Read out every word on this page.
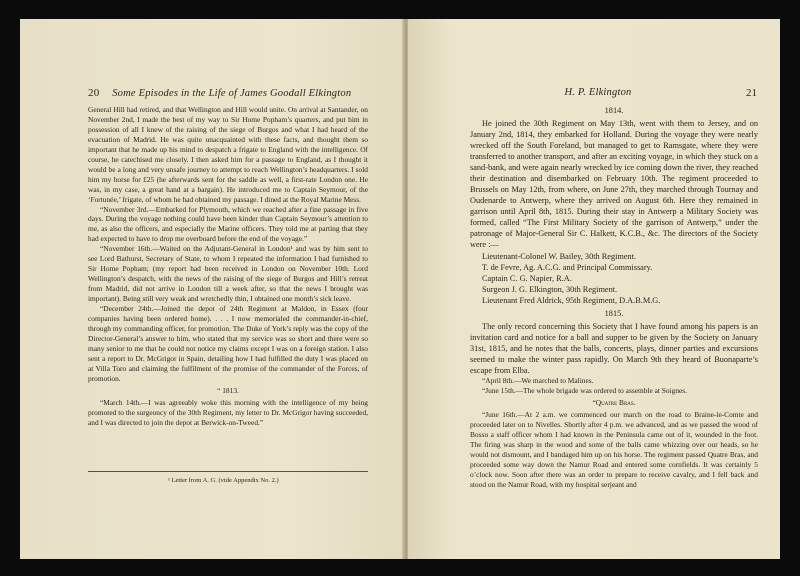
20 Some Episodes in the Life of James Goodall Elkington

General Hill had retired, and that Wellington and Hill would unite. On arrival at Santander, on November 2nd, I made the best of my way to Sir Home Popham’s quarters, and put him in possession of all I knew of the raising of the siege of Burgos and what I had heard of the evacuation of Madrid. He was quite unacquainted with these facts, and thought them so important that he made up his mind to despatch a frigate to England with the intelligence. Of course, he catechised me closely. I then asked him for a passage to England, as I thought it would be a long and very unsafe journey to attempt to reach Wellington’s headquarters. I sold him my horse for £25 (he afterwards sent for the saddle as well, a first-rate London one. He was, in my case, a great hand at a bargain). He introduced me to Captain Seymour, of the ‘Fortunée,’ frigate, of whom he had obtained my passage. I dined at the Royal Marine Mess.

“November 3rd.—Embarked for Plymouth, which we reached after a fine passage in five days. During the voyage nothing could have been kinder than Captain Seymour’s attention to me, as also the officers, and especially the Marine officers. They told me at parting that they had expected to have to drop me overboard before the end of the voyage.”

“November 16th.—Waited on the Adjutant-General in London¹ and was by him sent to see Lord Bathurst, Secretary of State, to whom I repeated the information I had furnished to Sir Home Popham; (my report had been received in London on November 10th. Lord Wellington’s despatch, with the news of the raising of the siege of Burgos and Hill’s retreat from Madrid, did not arrive in London till a week after, so that the news I brought was important). Being still very weak and wretchedly thin, I obtained one month’s sick leave.

“December 24th.—Joined the depot of 24th Regiment at Maldon, in Essex (four companies having been ordered home). . . . I now memorialed the commander-in-chief, through my commanding officer, for promotion. The Duke of York’s reply was the copy of the Director-General’s answer to him, who stated that my service was so short and there were so many senior to me that he could not notice my claims except I was on a foreign station. I also sent a report to Dr. McGrigor in Spain, detailing how I had fulfilled the duty I was placed on at Villa Toro and claiming the fulfilment of the promise of the commander of the Forces, of promotion.

“ 1813.

“March 14th.—I was agreeably woke this morning with the intelligence of my being promoted to the surgeoncy of the 30th Regiment, my letter to Dr. McGrigor having succeeded, and I was directed to join the depot at Berwick-on-Tweed.”

¹ Letter from A. G. (vide Appendix No. 2.)
H. P. Elkington	21
1814.

He joined the 30th Regiment on May 13th, went with them to Jersey, and on January 2nd, 1814, they embarked for Holland. During the voyage they were nearly wrecked off the South Foreland, but managed to get to Ramsgate, where they were transferred to another transport, and after an exciting voyage, in which they stuck on a sand-bank, and were again nearly wrecked by ice coming down the river, they reached their destination and disembarked on February 10th. The regiment proceeded to Brussels on May 12th, from where, on June 27th, they marched through Tournay and Oudenarde to Antwerp, where they arrived on August 6th. Here they remained in garrison until April 8th, 1815. During their stay in Antwerp a Military Society was formed, called “The First Military Society of the garrison of Antwerp,” under the patronage of Major-General Sir C. Halkett, K.C.B., &c. The directors of the Society were :—

Lieutenant-Colonel W. Bailey, 30th Regiment.
T. de Fevre, Ag. A.C.G. and Principal Commissary.
Captain C. G. Napier, R.A.
Surgeon J. G. Elkington, 30th Regiment.
Lieutenant Fred Aldrick, 95th Regiment, D.A.B.M.G.
1815.

The only record concerning this Society that I have found among his papers is an invitation card and notice for a ball and supper to be given by the Society on January 31st, 1815, and he notes that the balls, concerts, plays, dinner parties and excursions seemed to make the winter pass rapidly. On March 9th they heard of Buonaparte’s escape from Elba.

“April 8th.—We marched to Malines.

“June 15th.—The whole brigade was ordered to assemble at Soignes.

“Quatre Bras.

“June 16th.—At 2 a.m. we commenced our march on the road to Braine-le-Comte and proceeded later on to Nivelles. Shortly after 4 p.m. we advanced, and as we passed the wood of Bossu a staff officer whom I had known in the Peninsula came out of it, wounded in the foot. The firing was sharp in the wood and some of the balls came whizzing over our heads, so he would not dismount, and I bandaged him up on his horse. The regiment passed Quatre Bras, and proceeded some way down the Namur Road and entered some cornfields. It was certainly 5 o’clock now. Soon after there was an order to prepare to receive cavalry, and I fell back and stood on the Namur Road, with my hospital serjeant and
